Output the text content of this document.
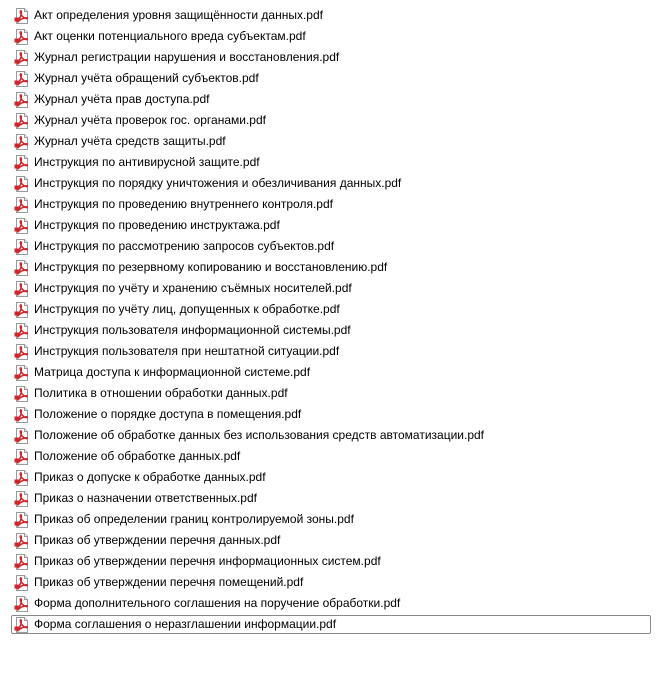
Акт определения уровня защищённости данных.pdf
Акт оценки потенциального вреда субъектам.pdf
Журнал регистрации нарушения и восстановления.pdf
Журнал учёта обращений субъектов.pdf
Журнал учёта прав доступа.pdf
Журнал учёта проверок гос. органами.pdf
Журнал учёта средств защиты.pdf
Инструкция по антивирусной защите.pdf
Инструкция по порядку уничтожения и обезличивания данных.pdf
Инструкция по проведению внутреннего контроля.pdf
Инструкция по проведению инструктажа.pdf
Инструкция по рассмотрению запросов субъектов.pdf
Инструкция по резервному копированию и восстановлению.pdf
Инструкция по учёту и хранению съёмных носителей.pdf
Инструкция по учёту лиц, допущенных к обработке.pdf
Инструкция пользователя информационной системы.pdf
Инструкция пользователя при нештатной ситуации.pdf
Матрица доступа к информационной системе.pdf
Политика в отношении обработки данных.pdf
Положение о порядке доступа в помещения.pdf
Положение об обработке данных без использования средств автоматизации.pdf
Положение об обработке данных.pdf
Приказ о допуске к обработке данных.pdf
Приказ о назначении ответственных.pdf
Приказ об определении границ контролируемой зоны.pdf
Приказ об утверждении перечня данных.pdf
Приказ об утверждении перечня информационных систем.pdf
Приказ об утверждении перечня помещений.pdf
Форма дополнительного соглашения на поручение обработки.pdf
Форма соглашения о неразглашении информации.pdf
